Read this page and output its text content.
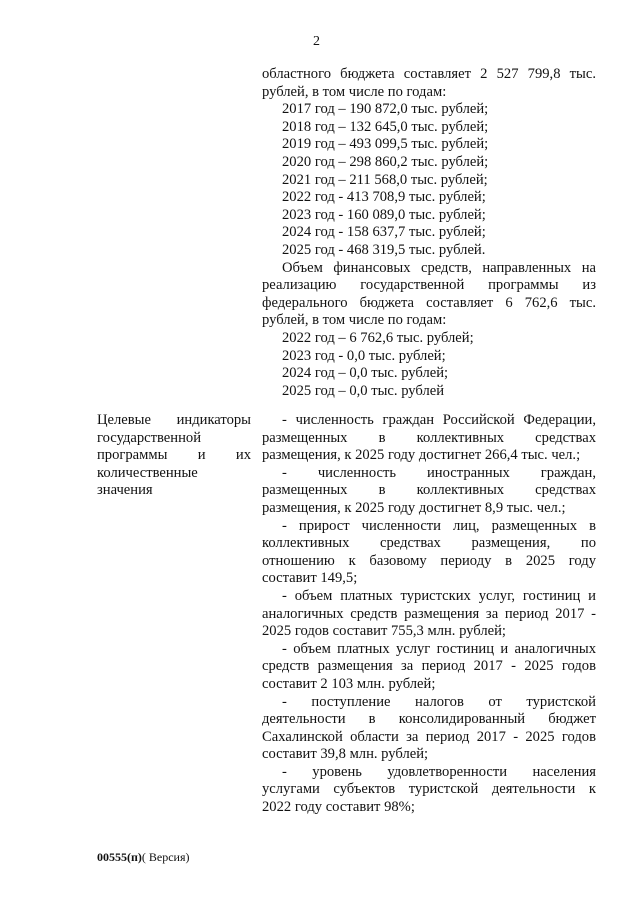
2
областного бюджета составляет 2 527 799,8 тыс.
рублей, в том числе по годам:
2017 год – 190 872,0 тыс. рублей;
2018 год – 132 645,0 тыс. рублей;
2019 год – 493 099,5 тыс. рублей;
2020 год – 298 860,2 тыс. рублей;
2021 год – 211 568,0 тыс. рублей;
2022 год - 413 708,9 тыс. рублей;
2023 год - 160 089,0 тыс. рублей;
2024 год - 158 637,7 тыс. рублей;
2025 год - 468 319,5 тыс. рублей.
Объем финансовых средств, направленных на
реализацию государственной программы из
федерального бюджета составляет 6 762,6 тыс.
рублей, в том числе по годам:
2022 год – 6 762,6 тыс. рублей;
2023 год - 0,0 тыс. рублей;
2024 год – 0,0 тыс. рублей;
2025 год – 0,0 тыс. рублей
Целевые индикаторы
государственной
программы и их
количественные
значения
- численность граждан Российской Федерации,
размещенных в коллективных средствах
размещения, к 2025 году достигнет 266,4 тыс. чел.;
- численность иностранных граждан,
размещенных в коллективных средствах
размещения, к 2025 году достигнет 8,9 тыс. чел.;
- прирост численности лиц, размещенных в
коллективных средствах размещения, по
отношению к базовому периоду в 2025 году
составит 149,5;
- объем платных туристских услуг, гостиниц и
аналогичных средств размещения за период 2017 -
2025 годов составит 755,3 млн. рублей;
- объем платных услуг гостиниц и аналогичных
средств размещения за период 2017 - 2025 годов
составит 2 103 млн. рублей;
- поступление налогов от туристской
деятельности в консолидированный бюджет
Сахалинской области за период 2017 - 2025 годов
составит 39,8 млн. рублей;
- уровень удовлетворенности населения
услугами субъектов туристской деятельности к
2022 году составит 98%;
00555(п)( Версия)
